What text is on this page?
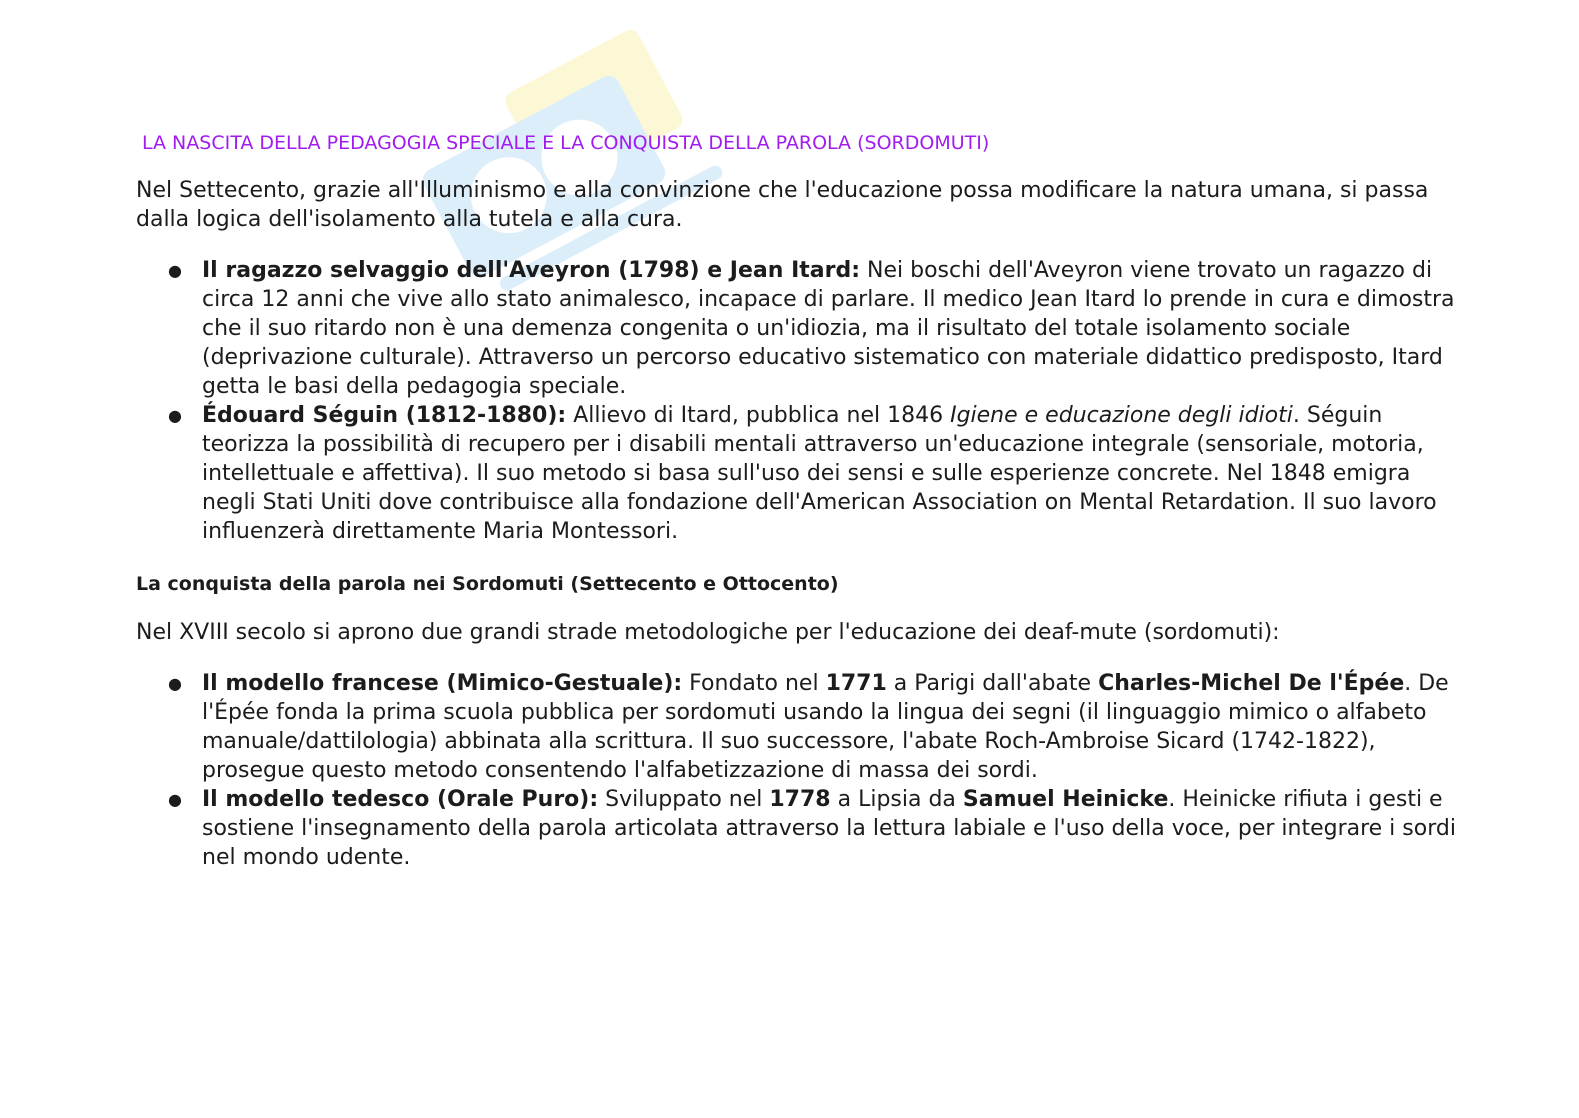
LA NASCITA DELLA PEDAGOGIA SPECIALE E LA CONQUISTA DELLA PAROLA (SORDOMUTI)

Nel Settecento, grazie all'Illuminismo e alla convinzione che l'educazione possa modificare la natura umana, si passa dalla logica dell'isolamento alla tutela e alla cura.

● Il ragazzo selvaggio dell'Aveyron (1798) e Jean Itard: Nei boschi dell'Aveyron viene trovato un ragazzo di circa 12 anni che vive allo stato animalesco, incapace di parlare. Il medico Jean Itard lo prende in cura e dimostra che il suo ritardo non è una demenza congenita o un'idiozia, ma il risultato del totale isolamento sociale (deprivazione culturale). Attraverso un percorso educativo sistematico con materiale didattico predisposto, Itard getta le basi della pedagogia speciale.
● Édouard Séguin (1812-1880): Allievo di Itard, pubblica nel 1846 Igiene e educazione degli idioti. Séguin teorizza la possibilità di recupero per i disabili mentali attraverso un'educazione integrale (sensoriale, motoria, intellettuale e affettiva). Il suo metodo si basa sull'uso dei sensi e sulle esperienze concrete. Nel 1848 emigra negli Stati Uniti dove contribuisce alla fondazione dell'American Association on Mental Retardation. Il suo lavoro influenzerà direttamente Maria Montessori.
La conquista della parola nei Sordomuti (Settecento e Ottocento)

Nel XVIII secolo si aprono due grandi strade metodologiche per l'educazione dei deaf-mute (sordomuti):

● Il modello francese (Mimico-Gestuale): Fondato nel 1771 a Parigi dall'abate Charles-Michel De l'Épée. De l'Épée fonda la prima scuola pubblica per sordomuti usando la lingua dei segni (il linguaggio mimico o alfabeto manuale/dattilologia) abbinata alla scrittura. Il suo successore, l'abate Roch-Ambroise Sicard (1742-1822), prosegue questo metodo consentendo l'alfabetizzazione di massa dei sordi.
● Il modello tedesco (Orale Puro): Sviluppato nel 1778 a Lipsia da Samuel Heinicke. Heinicke rifiuta i gesti e sostiene l'insegnamento della parola articolata attraverso la lettura labiale e l'uso della voce, per integrare i sordi nel mondo udente.
